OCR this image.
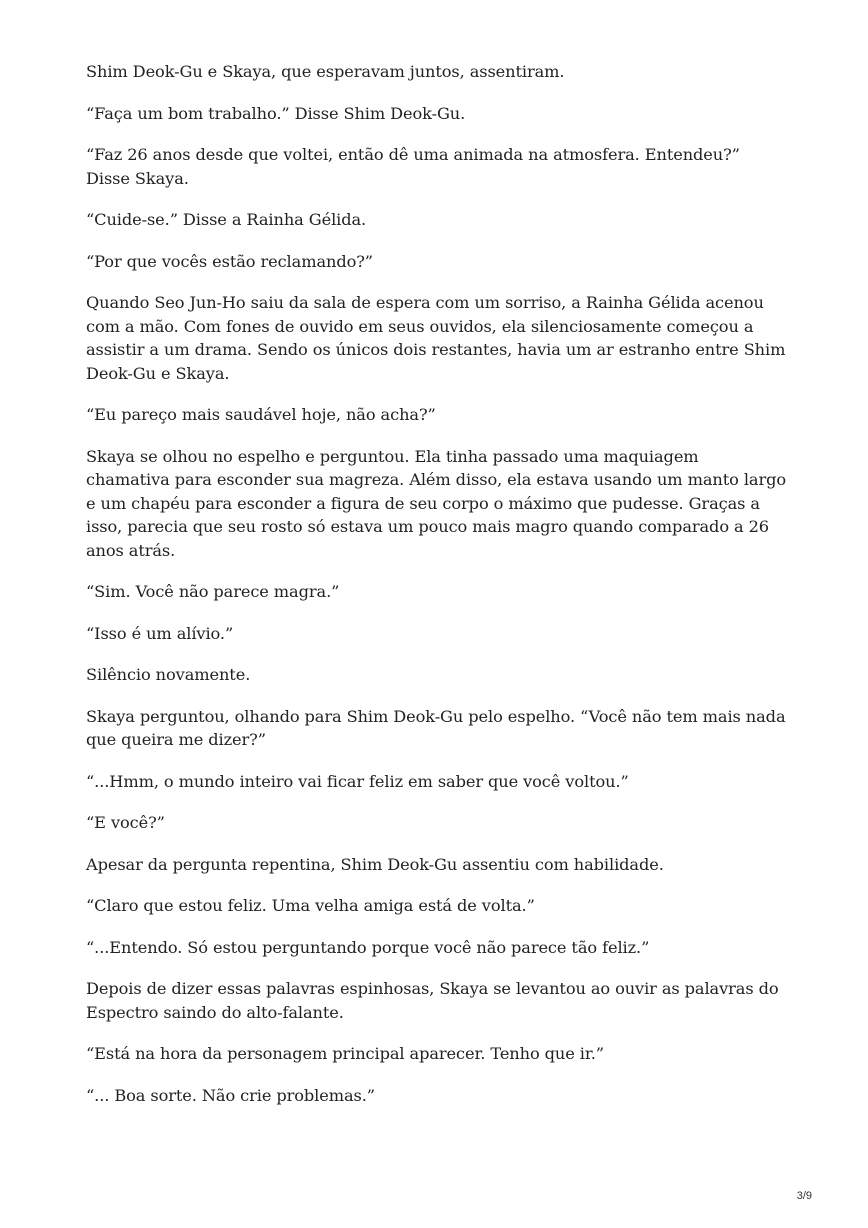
Shim Deok-Gu e Skaya, que esperavam juntos, assentiram.

“Faça um bom trabalho.” Disse Shim Deok-Gu.

“Faz 26 anos desde que voltei, então dê uma animada na atmosfera. Entendeu?” Disse Skaya.

“Cuide-se.” Disse a Rainha Gélida.

“Por que vocês estão reclamando?”

Quando Seo Jun-Ho saiu da sala de espera com um sorriso, a Rainha Gélida acenou com a mão. Com fones de ouvido em seus ouvidos, ela silenciosamente começou a assistir a um drama. Sendo os únicos dois restantes, havia um ar estranho entre Shim Deok-Gu e Skaya.

“Eu pareço mais saudável hoje, não acha?”

Skaya se olhou no espelho e perguntou. Ela tinha passado uma maquiagem chamativa para esconder sua magreza. Além disso, ela estava usando um manto largo e um chapéu para esconder a figura de seu corpo o máximo que pudesse. Graças a isso, parecia que seu rosto só estava um pouco mais magro quando comparado a 26 anos atrás.

“Sim. Você não parece magra.”

“Isso é um alívio.”

Silêncio novamente.

Skaya perguntou, olhando para Shim Deok-Gu pelo espelho. “Você não tem mais nada que queira me dizer?”

“...Hmm, o mundo inteiro vai ficar feliz em saber que você voltou.”

“E você?”

Apesar da pergunta repentina, Shim Deok-Gu assentiu com habilidade.

“Claro que estou feliz. Uma velha amiga está de volta.”

“...Entendo. Só estou perguntando porque você não parece tão feliz.”

Depois de dizer essas palavras espinhosas, Skaya se levantou ao ouvir as palavras do Espectro saindo do alto-falante.

“Está na hora da personagem principal aparecer. Tenho que ir.”

“... Boa sorte. Não crie problemas.”

3/9
